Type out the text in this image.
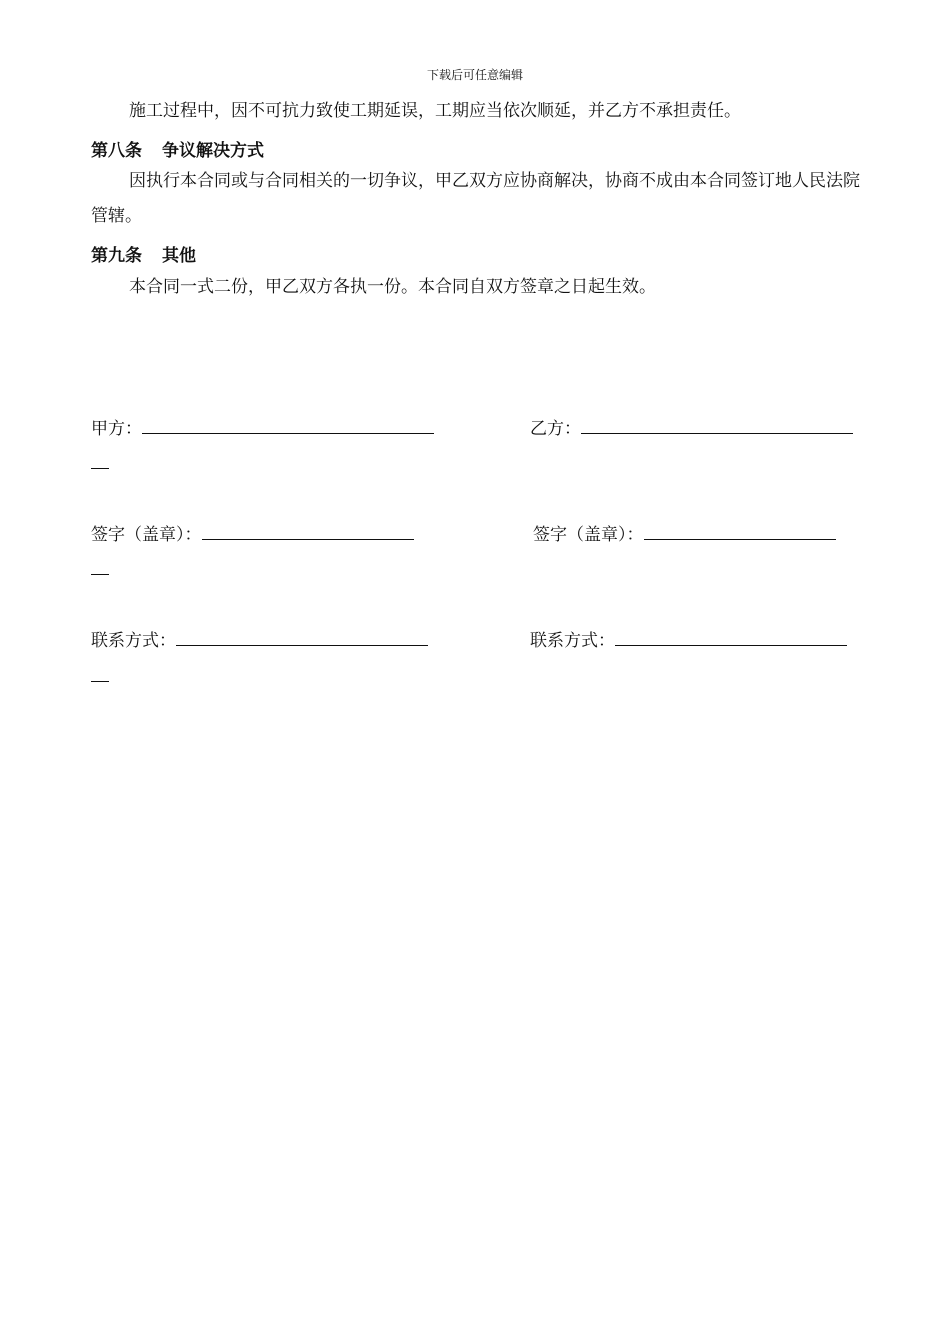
下载后可任意编辑
施工过程中，因不可抗力致使工期延误，工期应当依次顺延，并乙方不承担责任。
第八条 争议解决方式
因执行本合同或与合同相关的一切争议，甲乙双方应协商解决，协商不成由本合同签订地人民法院管辖。
第九条 其他
本合同一式二份，甲乙双方各执一份。本合同自双方签章之日起生效。
甲方：	乙方：
签字（盖章）：	签字（盖章）：
联系方式：	联系方式：
